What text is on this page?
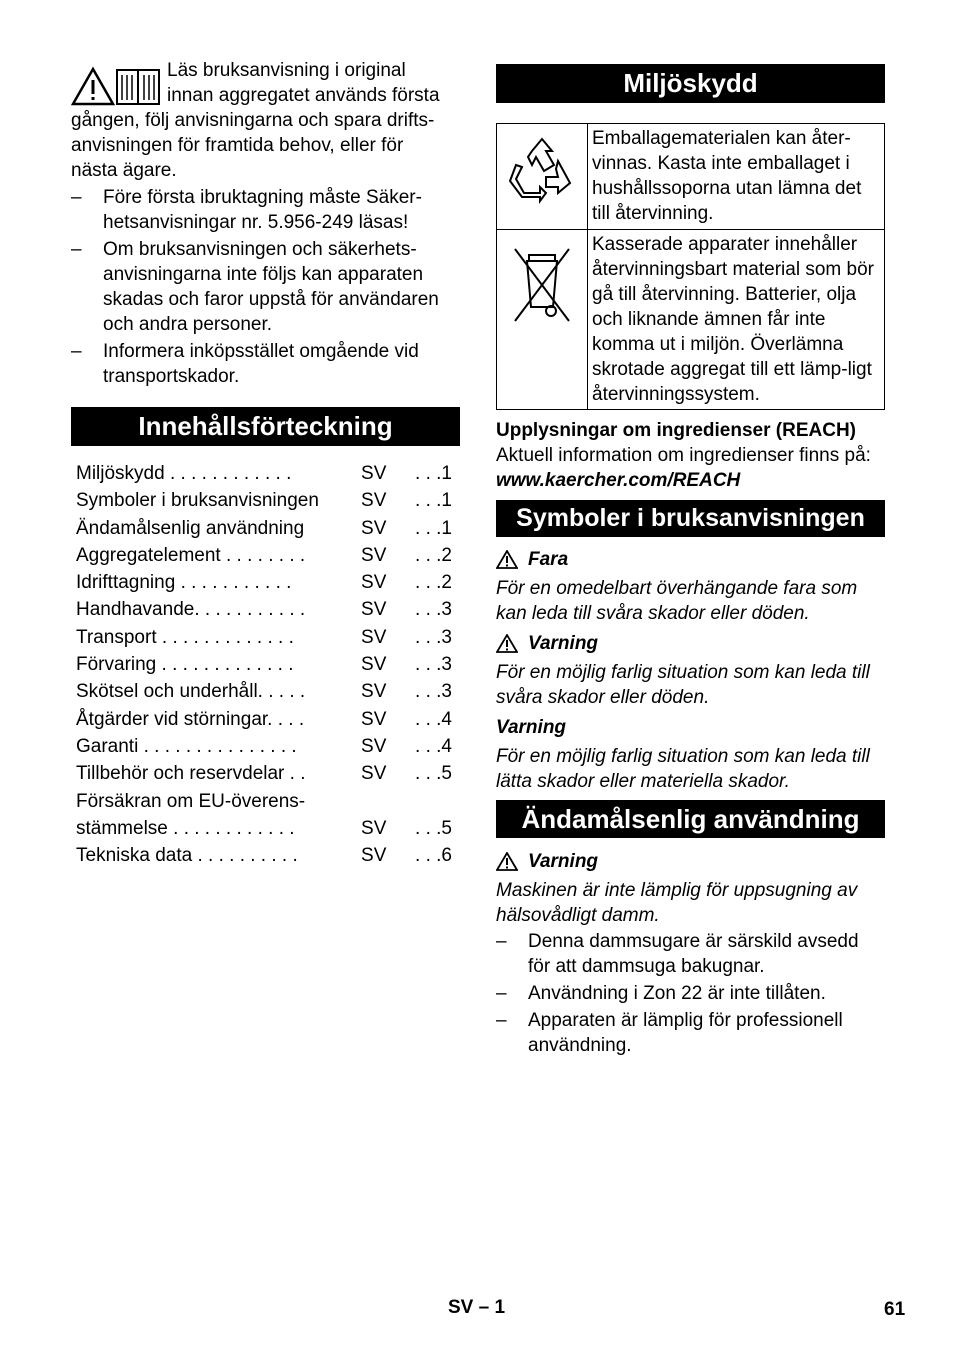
Läs bruksanvisning i original
innan aggregatet används första
gången, följ anvisningarna och spara drifts-
anvisningen för framtida behov, eller för
nästa ägare.
– Före första ibruktagning måste Säker-hetsanvisningar nr. 5.956-249 läsas!
– Om bruksanvisningen och säkerhets-anvisningarna inte följs kan apparaten skadas och faror uppstå för användaren och andra personer.
– Informera inköpsstället omgående vid transportskador.
Innehållsförteckning
Miljöskydd . . . . . . . . . . . .	SV	. . .1
Symboler i bruksanvisningen	SV	. . .1
Ändamålsenlig användning	SV	. . .1
Aggregatelement . . . . . . . .	SV	. . .2
Idrifttagning . . . . . . . . . . .	SV	. . .2
Handhavande. . . . . . . . . . .	SV	. . .3
Transport . . . . . . . . . . . . .	SV	. . .3
Förvaring . . . . . . . . . . . . .	SV	. . .3
Skötsel och underhåll. . . . .	SV	. . .3
Åtgärder vid störningar. . . .	SV	. . .4
Garanti . . . . . . . . . . . . . . .	SV	. . .4
Tillbehör och reservdelar . .	SV	. . .5
Försäkran om EU-överens-		
stämmelse . . . . . . . . . . . .	SV	. . .5
Tekniska data . . . . . . . . . .	SV	. . .6
Miljöskydd
	Emballagematerialen kan åter-vinnas. Kasta inte emballaget i hushållssoporna utan lämna det till återvinning.
	Kasserade apparater innehåller återvinningsbart material som bör gå till återvinning. Batterier, olja och liknande ämnen får inte komma ut i miljön. Överlämna skrotade aggregat till ett lämp-ligt återvinningssystem.
Upplysningar om ingredienser (REACH)
Aktuell information om ingredienser finns på:
www.kaercher.com/REACH
Symboler i bruksanvisningen
Fara
För en omedelbart överhängande fara som kan leda till svåra skador eller döden.
Varning
För en möjlig farlig situation som kan leda till svåra skador eller döden.
Varning
För en möjlig farlig situation som kan leda till lätta skador eller materiella skador.
Ändamålsenlig användning
Varning
Maskinen är inte lämplig för uppsugning av hälsovådligt damm.
– Denna dammsugare är särskild avsedd för att dammsuga bakugnar.
– Användning i Zon 22 är inte tillåten.
– Apparaten är lämplig för professionell användning.
SV – 1	61
